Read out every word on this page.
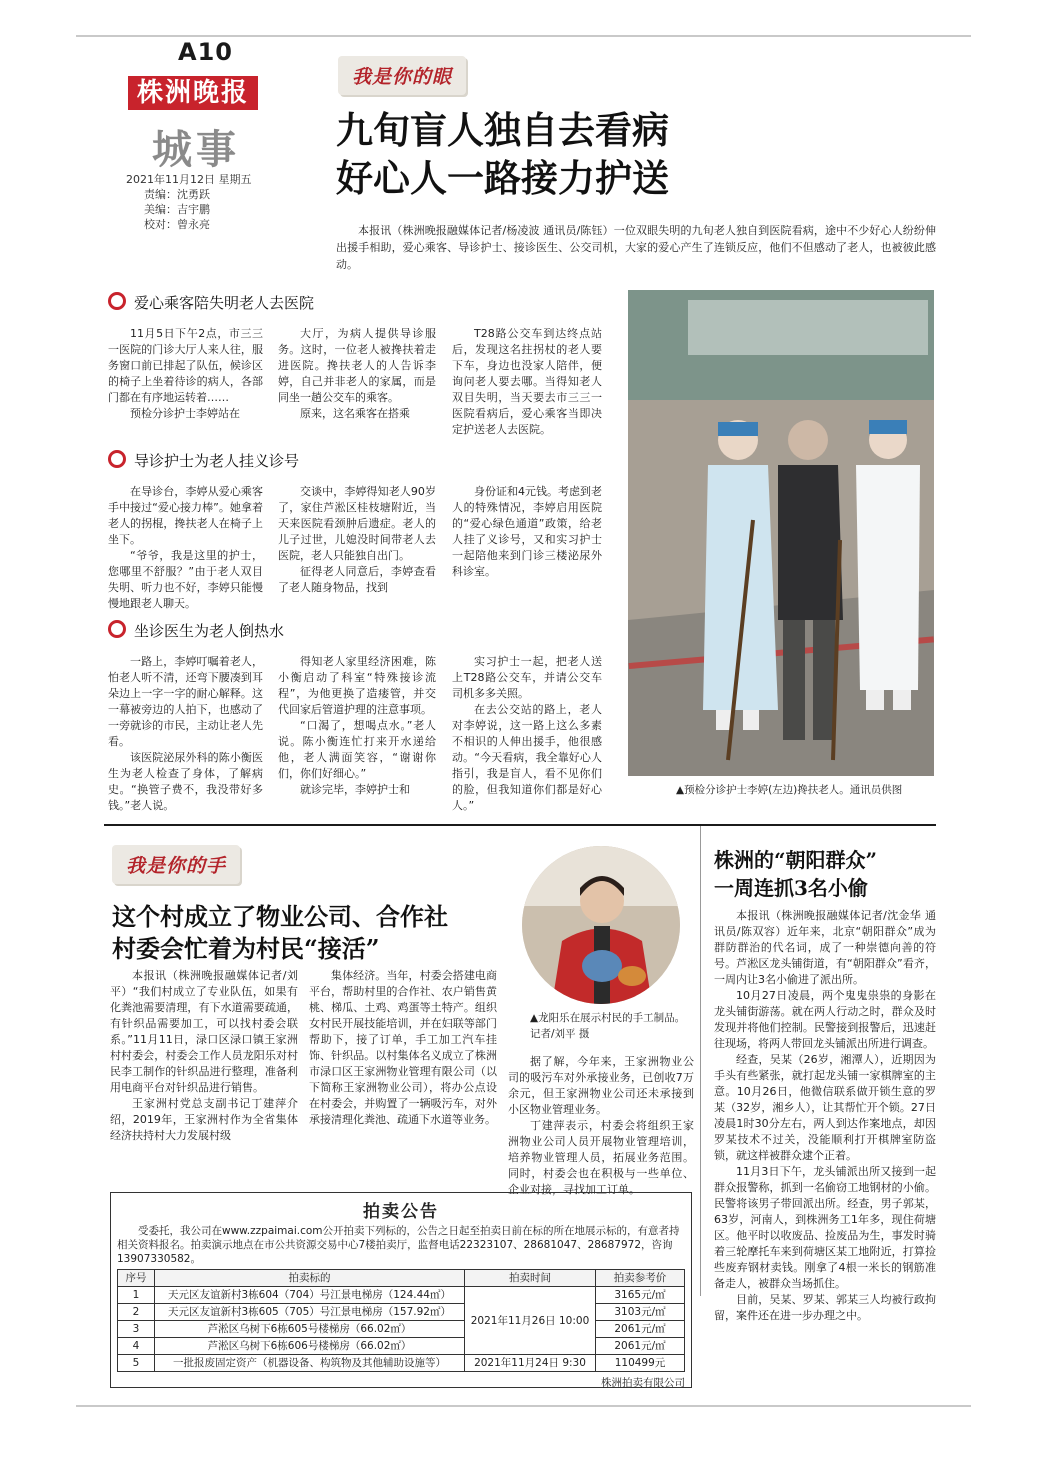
A10
株洲晚报
城事
2021年11月12日 星期五
责编：沈勇跃
美编：吉宇鹏
校对：曾永亮
我是你的眼
九旬盲人独自去看病
好心人一路接力护送
本报讯（株洲晚报融媒体记者/杨凌波 通讯员/陈钰）一位双眼失明的九旬老人独自到医院看病，途中不少好心人纷纷伸出援手相助，爱心乘客、导诊护士、接诊医生、公交司机，大家的爱心产生了连锁反应，他们不但感动了老人，也被彼此感动。
爱心乘客陪失明老人去医院

11月5日下午2点，市三三一医院的门诊大厅人来人往，服务窗口前已排起了队伍，候诊区的椅子上坐着待诊的病人，各部门都在有序地运转着……

预检分诊护士李婷站在

大厅，为病人提供导诊服务。这时，一位老人被搀扶着走进医院。搀扶老人的人告诉李婷，自己并非老人的家属，而是同坐一趟公交车的乘客。

原来，这名乘客在搭乘

T28路公交车到达终点站后，发现这名拄拐杖的老人要下车，身边也没家人陪伴，便询问老人要去哪。当得知老人双目失明，当天要去市三三一医院看病后，爱心乘客当即决定护送老人去医院。

导诊护士为老人挂义诊号

在导诊台，李婷从爱心乘客手中接过“爱心接力棒”。她拿着老人的拐棍，搀扶老人在椅子上坐下。

“爷爷，我是这里的护士，您哪里不舒服？”由于老人双目失明、听力也不好，李婷只能慢慢地跟老人聊天。

交谈中，李婷得知老人90岁了，家住芦淞区桂枝塘附近，当天来医院看颈肿后遗症。老人的儿子过世，儿媳没时间带老人去医院，老人只能独自出门。

征得老人同意后，李婷查看了老人随身物品，找到

身份证和4元钱。考虑到老人的特殊情况，李婷启用医院的“爱心绿色通道”政策，给老人挂了义诊号，又和实习护士一起陪他来到门诊三楼泌尿外科诊室。

坐诊医生为老人倒热水

一路上，李婷叮嘱着老人，怕老人听不清，还弯下腰凑到耳朵边上一字一字的耐心解释。这一幕被旁边的人拍下，也感动了一旁就诊的市民，主动让老人先看。

该医院泌尿外科的陈小衡医生为老人检查了身体，了解病史。“换管子费不，我没带好多钱。”老人说。

得知老人家里经济困难，陈小衡启动了科室“特殊接诊流程”，为他更换了造瘘管，并交代回家后管道护理的注意事项。

“口渴了，想喝点水。”老人说。陈小衡连忙打来开水递给他，老人满面笑容，“谢谢你们，你们好细心。”

就诊完毕，李婷护士和

实习护士一起，把老人送上T28路公交车，并请公交车司机多多关照。

在去公交站的路上，老人对李婷说，这一路上这么多素不相识的人伸出援手，他很感动。“今天看病，我全靠好心人指引，我是盲人，看不见你们的脸，但我知道你们都是好心人。”

▲预检分诊护士李婷(左边)搀扶老人。通讯员供图
我是你的手
这个村成立了物业公司、合作社
村委会忙着为村民“接活”

本报讯（株洲晚报融媒体记者/刘平）“我们村成立了专业队伍，如果有化粪池需要清理，有下水道需要疏通，有针织品需要加工，可以找村委会联系。”11月11日，渌口区渌口镇王家洲村村委会，村委会工作人员龙阳乐对村民李工制作的针织品进行整理，准备利用电商平台对针织品进行销售。

王家洲村党总支副书记丁建萍介绍，2019年，王家洲村作为全省集体经济扶持村大力发展村级

集体经济。当年，村委会搭建电商平台，帮助村里的合作社、农户销售黄桃、梯瓜、土鸡、鸡蛋等土特产。组织女村民开展技能培训，并在妇联等部门帮助下，接了订单，手工加工汽车挂饰、针织品。以村集体名义成立了株洲市渌口区王家洲物业管理有限公司（以下简称王家洲物业公司），将办公点设在村委会，并购置了一辆吸污车，对外承接清理化粪池、疏通下水道等业务。

▲龙阳乐在展示村民的手工制品。记者/刘平 摄

据了解，今年来，王家洲物业公司的吸污车对外承接业务，已创收7万余元，但王家洲物业公司还未承接到小区物业管理业务。

丁建萍表示，村委会将组织王家洲物业公司人员开展物业管理培训，培养物业管理人员，拓展业务范围。同时，村委会也在积极与一些单位、企业对接，寻找加工订单。

拍卖公告
受委托，我公司在www.zzpaimai.com公开拍卖下列标的，公告之日起至拍卖日前在标的所在地展示标的，有意者持相关资料报名。拍卖演示地点在市公共资源交易中心7楼拍卖厅，监督电话22323107、28681047、28687972，咨询13907330582。
序号	拍卖标的	拍卖时间	拍卖参考价
1	天元区友谊新村3栋604（704）号江景电梯房（124.44㎡）	2021年11月26日 10:00	3165元/㎡
2	天元区友谊新村3栋605（705）号江景电梯房（157.92㎡）		3103元/㎡
3	芦淞区乌树下6栋605号楼梯房（66.02㎡）		2061元/㎡
4	芦淞区乌树下6栋606号楼梯房（66.02㎡）		2061元/㎡
5	一批报废固定资产（机器设备、构筑物及其他辅助设施等）	2021年11月24日 9:30	110499元
株洲拍卖有限公司
株洲的“朝阳群众”
一周连抓3名小偷

本报讯（株洲晚报融媒体记者/沈金华 通讯员/陈双容）近年来，北京“朝阳群众”成为群防群治的代名词，成了一种崇德向善的符号。芦淞区龙头铺街道，有“朝阳群众”看齐，一周内让3名小偷进了派出所。

10月27日凌晨，两个鬼鬼祟祟的身影在龙头铺街游荡。就在两人行动之时，群众及时发现并将他们控制。民警接到报警后，迅速赶往现场，将两人带回龙头铺派出所进行调查。

经查，吴某（26岁，湘潭人），近期因为手头有些紧张，就打起龙头铺一家棋牌室的主意。10月26日，他微信联系做开锁生意的罗某（32岁，湘乡人），让其帮忙开个锁。27日凌晨1时30分左右，两人到达作案地点，却因罗某技术不过关，没能顺利打开棋牌室防盗锁，就这样被群众逮个正着。

11月3日下午，龙头铺派出所又接到一起群众报警称，抓到一名偷窃工地钢材的小偷。民警将该男子带回派出所。经查，男子郭某，63岁，河南人，到株洲务工1年多，现住荷塘区。他平时以收废品、捡废品为生，事发时骑着三轮摩托车来到荷塘区某工地附近，打算捡些废弃钢材卖钱。刚拿了4根一米长的钢筋准备走人，被群众当场抓住。

目前，吴某、罗某、郭某三人均被行政拘留，案件还在进一步办理之中。
